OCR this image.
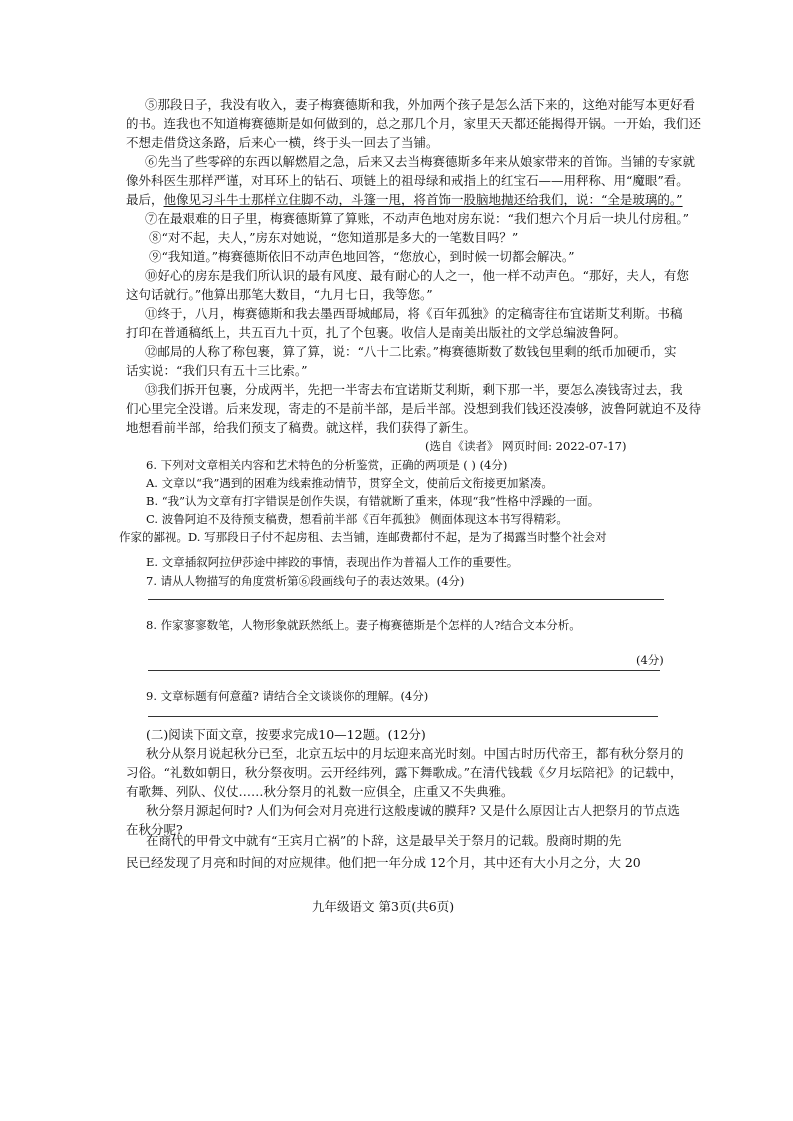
⑤那段日子，我没有收入，妻子梅赛德斯和我，外加两个孩子是怎么活下来的，这绝对能写本更好看
的书。连我也不知道梅赛德斯是如何做到的，总之那几个月，家里天天都还能揭得开锅。一开始，我们还
不想走借贷这条路，后来心一横，终于头一回去了当铺。
⑥先当了些零碎的东西以解燃眉之急，后来又去当梅赛德斯多年来从娘家带来的首饰。当铺的专家就
像外科医生那样严谨，对耳环上的钻石、项链上的祖母绿和戒指上的红宝石——用秤称、用“魔眼”看。
最后，他像见习斗牛士那样立住脚不动，斗篷一甩，将首饰一股脑地抛还给我们，说：“全是玻璃的。”
⑦在最艰难的日子里，梅赛德斯算了算账，不动声色地对房东说：“我们想六个月后一块儿付房租。”
⑧“对不起，夫人，”房东对她说，“您知道那是多大的一笔数目吗？”
⑨“我知道。”梅赛德斯依旧不动声色地回答，“您放心，到时候一切都会解决。”
⑩好心的房东是我们所认识的最有风度、最有耐心的人之一，他一样不动声色。“那好，夫人，有您
这句话就行。”他算出那笔大数目，“九月七日，我等您。”
⑪终于，八月，梅赛德斯和我去墨西哥城邮局，将《百年孤独》的定稿寄往布宜诺斯艾利斯。书稿
打印在普通稿纸上，共五百九十页，扎了个包裹。收信人是南美出版社的文学总编波鲁阿。
⑫邮局的人称了称包裹，算了算，说：“八十二比索。”梅赛德斯数了数钱包里剩的纸币加硬币，实
话实说：“我们只有五十三比索。”
⑬我们拆开包裹，分成两半，先把一半寄去布宜诺斯艾利斯，剩下那一半，要怎么凑钱寄过去，我
们心里完全没谱。后来发现，寄走的不是前半部，是后半部。没想到我们钱还没凑够，波鲁阿就迫不及待
地想看前半部，给我们预支了稿费。就这样，我们获得了新生。
(选自《读者》 网页时间: 2022-07-17)
6. 下列对文章相关内容和艺术特色的分析鉴赏，正确的两项是 ( ) (4分)
A. 文章以“我”遇到的困难为线索推动情节，贯穿全文，使前后文衔接更加紧凑。
B. “我”认为文章有打字错误是创作失误，有错就断了重来，体现“我”性格中浮躁的一面。
C. 波鲁阿迫不及待预支稿费，想看前半部《百年孤独》 侧面体现这本书写得精彩。
作家的鄙视。D. 写那段日子付不起房租、去当铺，连邮费都付不起，是为了揭露当时整个社会对
E. 文章插叙阿拉伊莎途中摔跤的事情，表现出作为普福人工作的重要性。
7. 请从人物描写的角度赏析第⑥段画线句子的表达效果。(4分)
8. 作家寥寥数笔，人物形象就跃然纸上。妻子梅赛德斯是个怎样的人?结合文本分析。
(4分)
9. 文章标题有何意蕴? 请结合全文谈谈你的理解。(4分)
(二)阅读下面文章，按要求完成10—12题。(12分)
秋分从祭月说起秋分已至，北京五坛中的月坛迎来高光时刻。中国古时历代帝王，都有秋分祭月的
习俗。“礼数如朝日，秋分祭夜明。云开经纬列，露下舞歌成。”在清代钱载《夕月坛陪祀》的记载中，
有歌舞、列队、仪仗……秋分祭月的礼数一应俱全，庄重又不失典雅。
秋分祭月源起何时? 人们为何会对月亮进行这般虔诚的膜拜? 又是什么原因让古人把祭月的节点选
在秋分呢?
在商代的甲骨文中就有“王宾月亡祸”的卜辞，这是最早关于祭月的记载。殷商时期的先
民已经发现了月亮和时间的对应规律。他们把一年分成 12个月，其中还有大小月之分，大 20
九年级语文 第3页(共6页)
